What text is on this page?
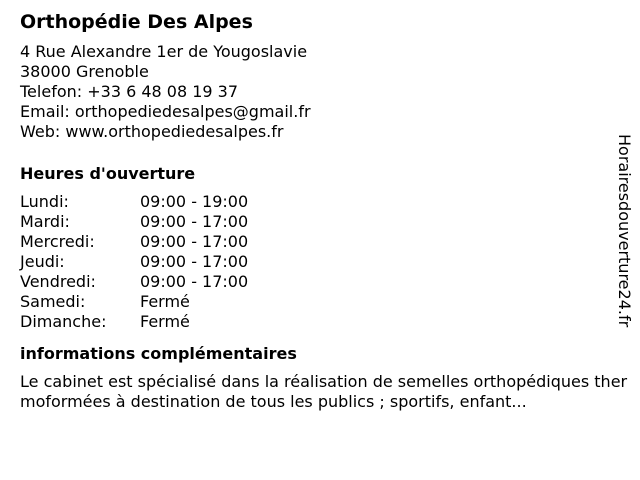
Orthopédie Des Alpes
4 Rue Alexandre 1er de Yougoslavie
38000 Grenoble
Telefon: +33 6 48 08 19 37
Email: orthopediedesalpes@gmail.fr
Web: www.orthopediedesalpes.fr
Heures d'ouverture
Lundi:	09:00 - 19:00
Mardi:	09:00 - 17:00
Mercredi:	09:00 - 17:00
Jeudi:	09:00 - 17:00
Vendredi:	09:00 - 17:00
Samedi:	Fermé
Dimanche:	Fermé
informations complémentaires
Le cabinet est spécialisé dans la réalisation de semelles orthopédiques thermoformées à destination de tous les publics ; sportifs, enfant...
Horairesdouverture24.fr
